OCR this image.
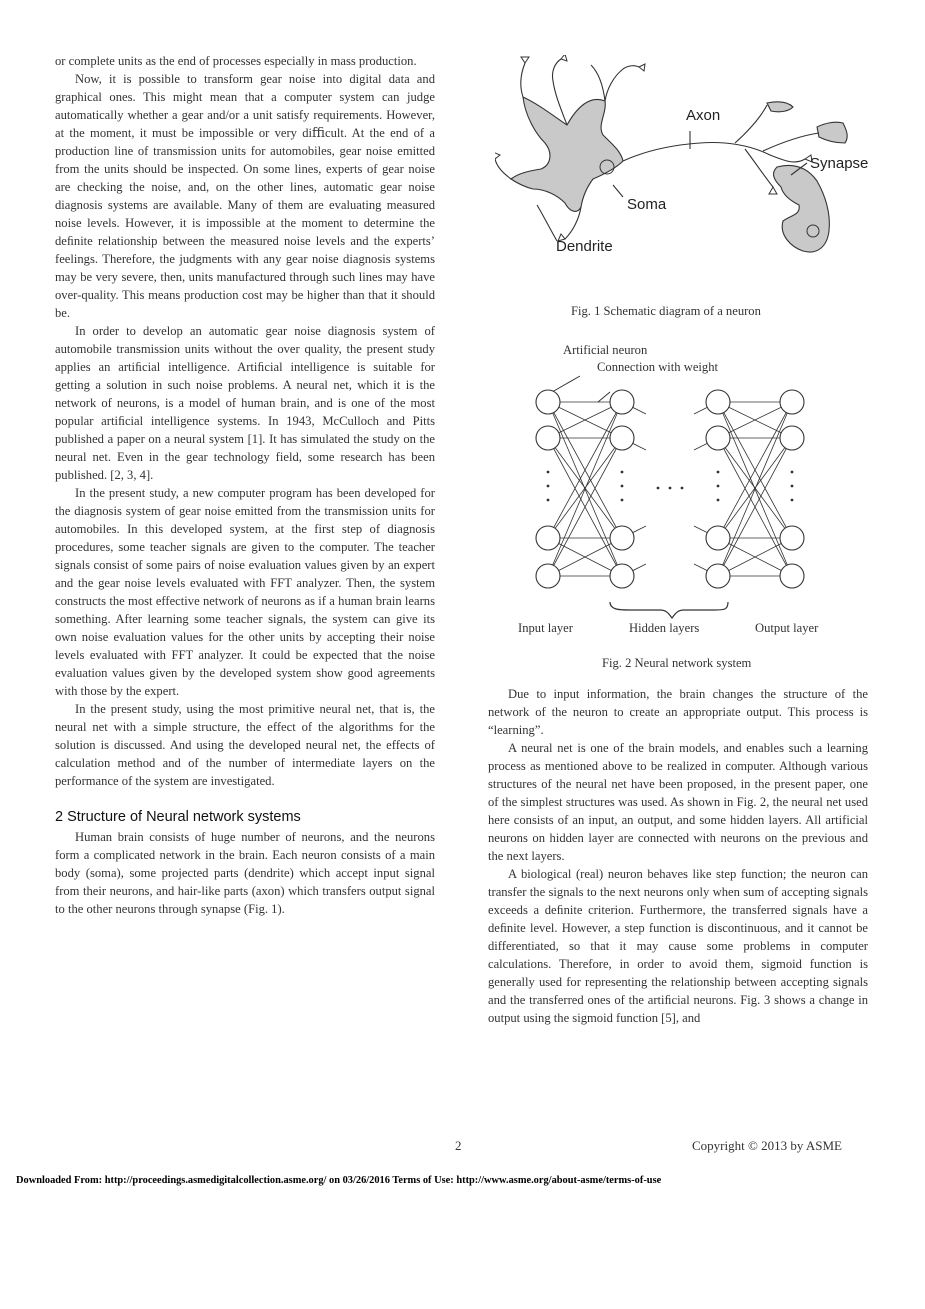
or complete units as the end of processes especially in mass production.

Now, it is possible to transform gear noise into digital data and graphical ones. This might mean that a computer system can judge automatically whether a gear and/or a unit satisfy requirements. However, at the moment, it must be impossible or very diﬃcult. At the end of a production line of transmission units for automobiles, gear noise emitted from the units should be inspected. On some lines, experts of gear noise are checking the noise, and, on the other lines, automatic gear noise diagnosis systems are available. Many of them are evaluating measured noise levels. However, it is impossible at the moment to determine the deﬁnite relationship between the measured noise levels and the experts’ feelings. Therefore, the judgments with any gear noise diagnosis systems may be very severe, then, units manufactured through such lines may have over-quality. This means production cost may be higher than that it should be.

In order to develop an automatic gear noise diagnosis system of automobile transmission units without the over quality, the present study applies an artiﬁcial intelligence. Artiﬁcial intelligence is suitable for getting a solution in such noise problems. A neural net, which it is the network of neurons, is a model of human brain, and is one of the most popular artiﬁcial intelligence systems. In 1943, McCulloch and Pitts published a paper on a neural system [1]. It has simulated the study on the neural net. Even in the gear technology field, some research has been published. [2, 3, 4].

In the present study, a new computer program has been developed for the diagnosis system of gear noise emitted from the transmission units for automobiles. In this developed system, at the first step of diagnosis procedures, some teacher signals are given to the computer. The teacher signals consist of some pairs of noise evaluation values given by an expert and the gear noise levels evaluated with FFT analyzer. Then, the system constructs the most effective network of neurons as if a human brain learns something. After learning some teacher signals, the system can give its own noise evaluation values for the other units by accepting their noise levels evaluated with FFT analyzer. It could be expected that the noise evaluation values given by the developed system show good agreements with those by the expert.

In the present study, using the most primitive neural net, that is, the neural net with a simple structure, the effect of the algorithms for the solution is discussed. And using the developed neural net, the effects of calculation method and of the number of intermediate layers on the performance of the system are investigated.

2 Structure of Neural network systems

Human brain consists of huge number of neurons, and the neurons form a complicated network in the brain. Each neuron consists of a main body (soma), some projected parts (dendrite) which accept input signal from their neurons, and hair-like parts (axon) which transfers output signal to the other neurons through synapse (Fig. 1).

Axon
Synapse
Soma
Dendrite
Fig. 1 Schematic diagram of a neuron
Artificial neuron
Connection with weight
Input layer	Hidden layers	Output layer
Fig. 2 Neural network system

Due to input information, the brain changes the structure of the network of the neuron to create an appropriate output. This process is “learning”.

A neural net is one of the brain models, and enables such a learning process as mentioned above to be realized in computer. Although various structures of the neural net have been proposed, in the present paper, one of the simplest structures was used. As shown in Fig. 2, the neural net used here consists of an input, an output, and some hidden layers. All artificial neurons on hidden layer are connected with neurons on the previous and the next layers.

A biological (real) neuron behaves like step function; the neuron can transfer the signals to the next neurons only when sum of accepting signals exceeds a deﬁnite criterion. Furthermore, the transferred signals have a deﬁnite level. However, a step function is discontinuous, and it cannot be differentiated, so that it may cause some problems in computer calculations. Therefore, in order to avoid them, sigmoid function is generally used for representing the relationship between accepting signals and the transferred ones of the artiﬁcial neurons. Fig. 3 shows a change in output using the sigmoid function [5], and

2	Copyright © 2013 by ASME
Downloaded From: http://proceedings.asmedigitalcollection.asme.org/ on 03/26/2016 Terms of Use: http://www.asme.org/about-asme/terms-of-use
